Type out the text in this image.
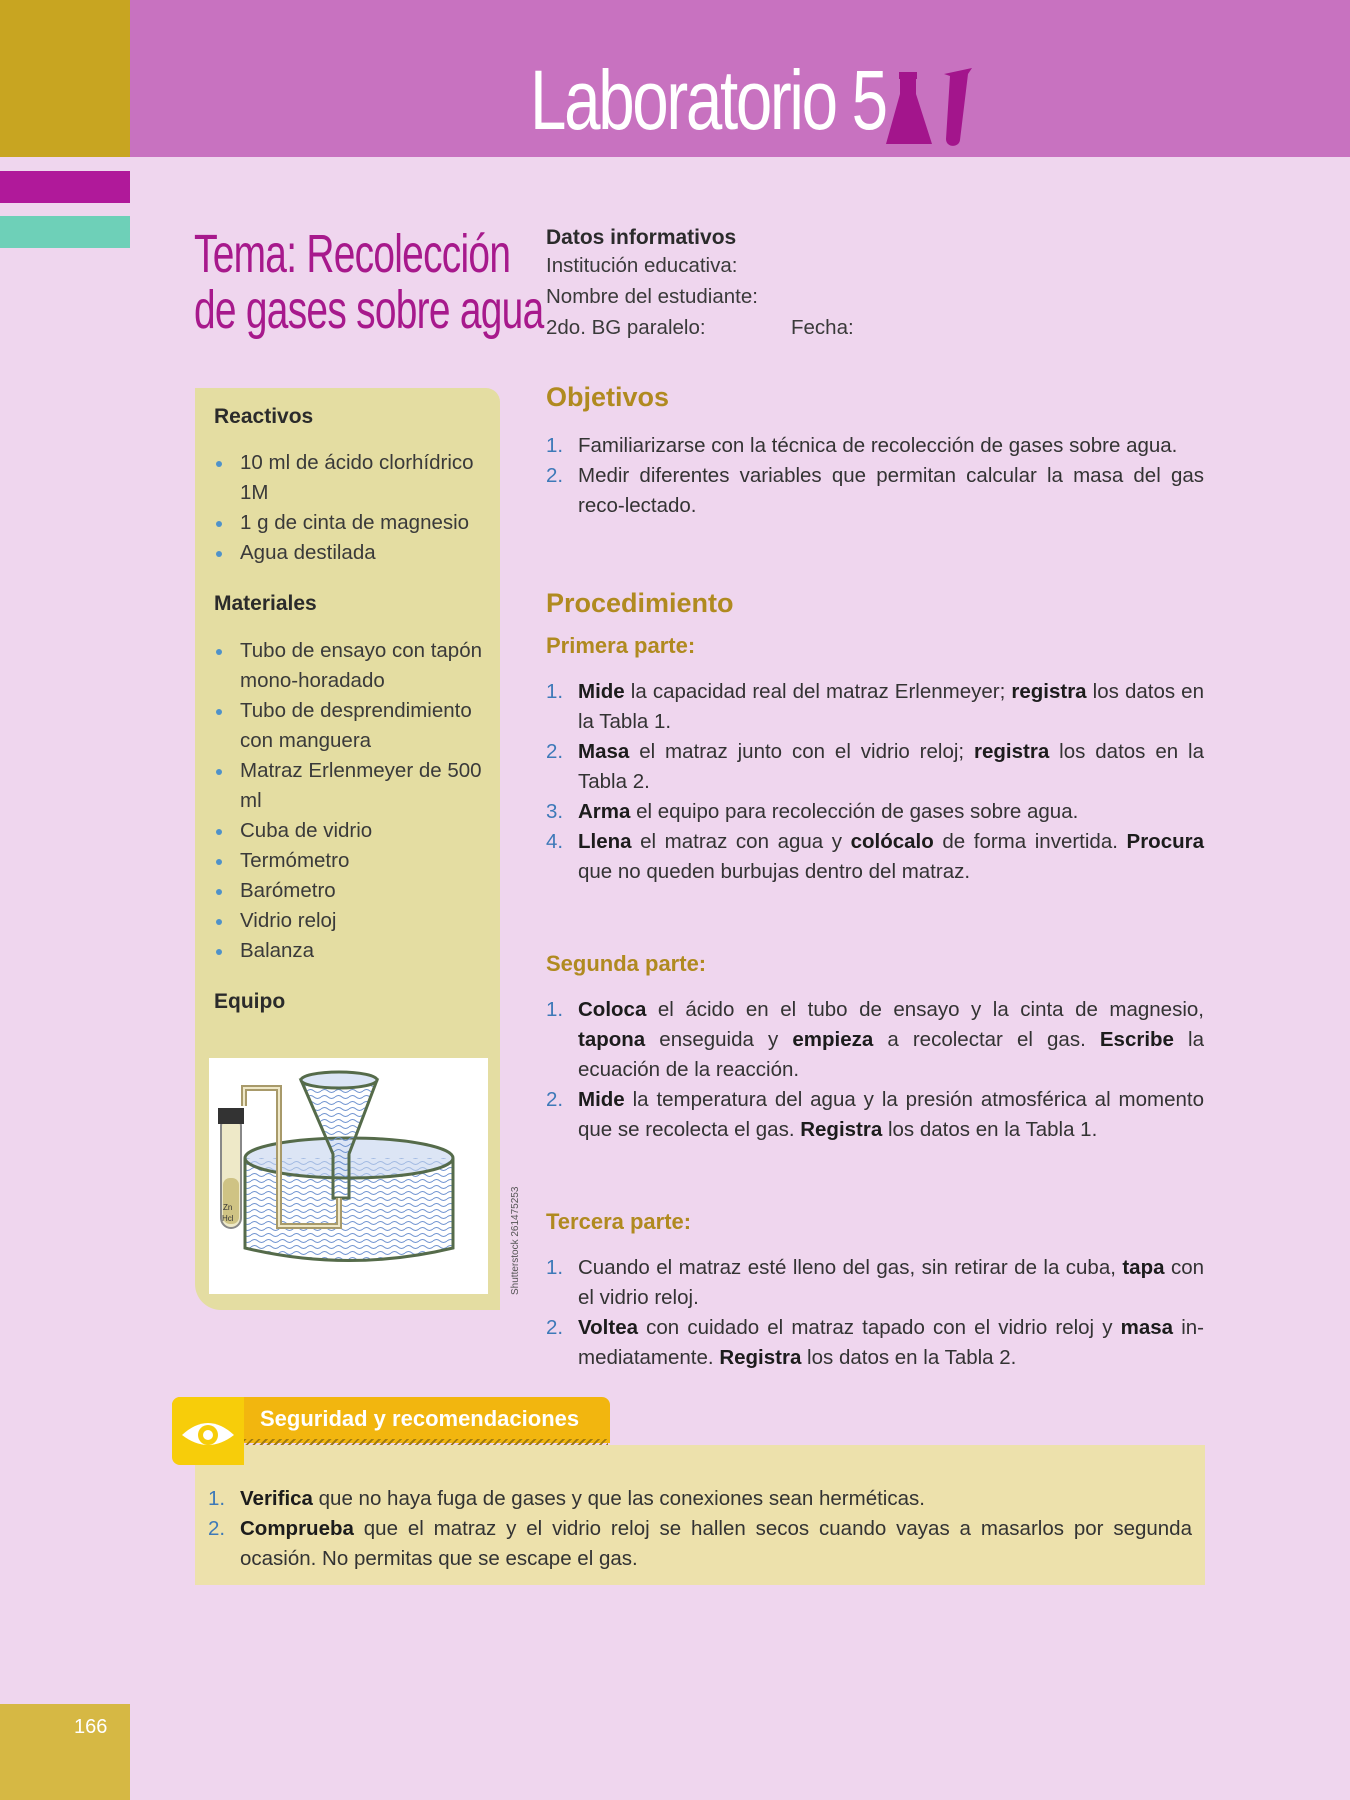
Laboratorio 5
Tema: Recolección
de gases sobre agua
Datos informativos
Institución educativa:
Nombre del estudiante:
2do. BG paralelo:	Fecha:
Reactivos
10 ml de ácido clorhídrico 1M
1 g de cinta de magnesio
Agua destilada
Materiales
Tubo de ensayo con tapón mono-horadado
Tubo de desprendimiento con manguera
Matraz Erlenmeyer de 500 ml
Cuba de vidrio
Termómetro
Barómetro
Vidrio reloj
Balanza
Equipo
Zn
Hcl	Shutterstock 261475253
Objetivos
1. Familiarizarse con la técnica de recolección de gases sobre agua.
2. Medir diferentes variables que permitan calcular la masa del gas reco-lectado.
Procedimiento
Primera parte:
1. Mide la capacidad real del matraz Erlenmeyer; registra los datos en la Tabla 1.
2. Masa el matraz junto con el vidrio reloj; registra los datos en la Tabla 2.
3. Arma el equipo para recolección de gases sobre agua.
4. Llena el matraz con agua y colócalo de forma invertida. Procura que no queden burbujas dentro del matraz.
Segunda parte:
1. Coloca el ácido en el tubo de ensayo y la cinta de magnesio, tapona enseguida y empieza a recolectar el gas. Escribe la ecuación de la reacción.
2. Mide la temperatura del agua y la presión atmosférica al momento que se recolecta el gas. Registra los datos en la Tabla 1.
Tercera parte:
1. Cuando el matraz esté lleno del gas, sin retirar de la cuba, tapa con el vidrio reloj.
2. Voltea con cuidado el matraz tapado con el vidrio reloj y masa in-mediatamente. Registra los datos en la Tabla 2.
Seguridad y recomendaciones
1. Verifica que no haya fuga de gases y que las conexiones sean herméticas.
2. Comprueba que el matraz y el vidrio reloj se hallen secos cuando vayas a masarlos por segunda ocasión. No permitas que se escape el gas.
166
